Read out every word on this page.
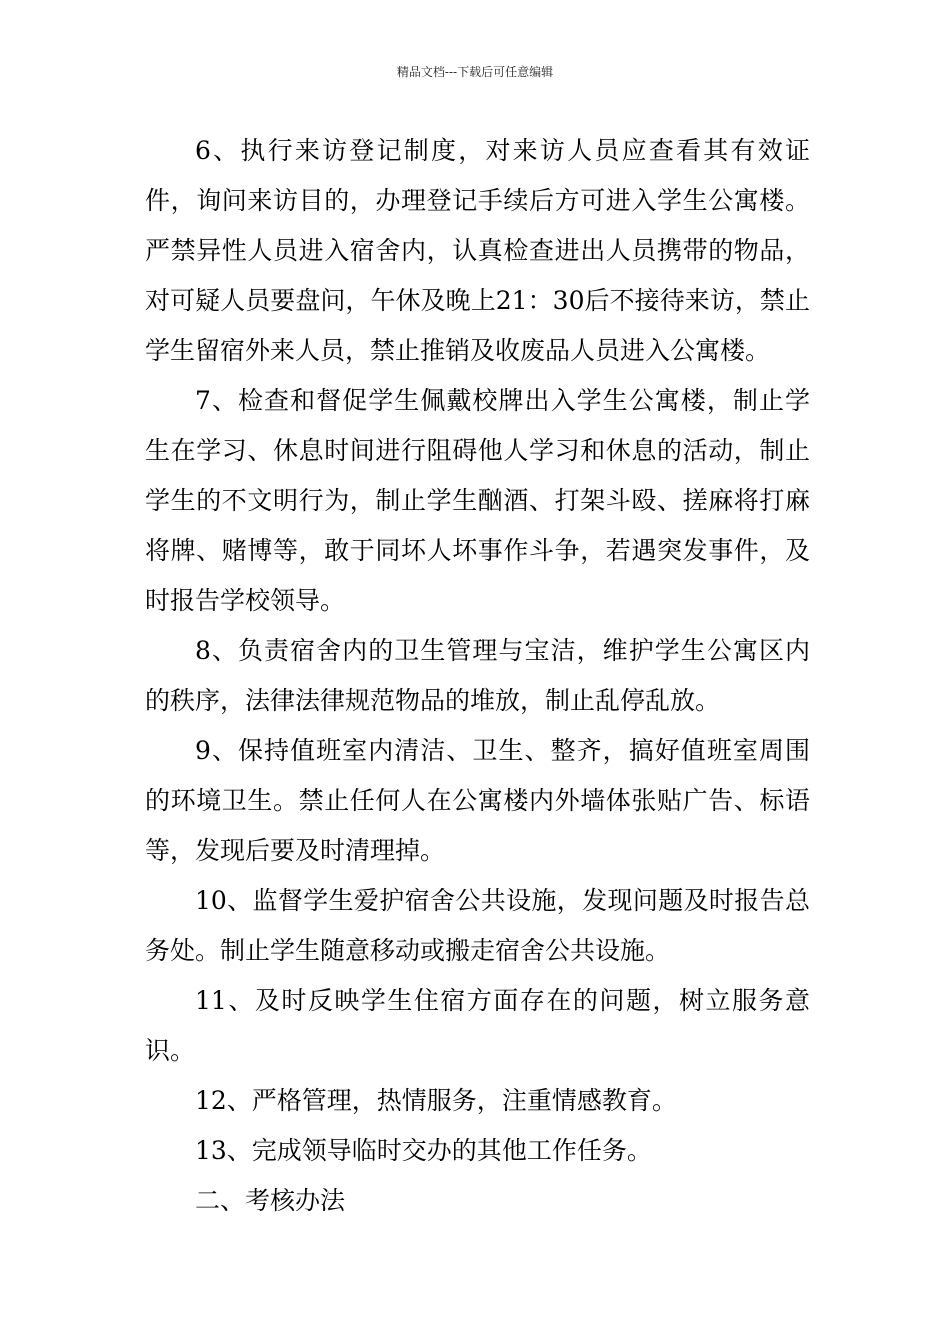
精品文档---下载后可任意编辑

6、执行来访登记制度，对来访人员应查看其有效证件，询问来访目的，办理登记手续后方可进入学生公寓楼。严禁异性人员进入宿舍内，认真检查进出人员携带的物品，对可疑人员要盘问，午休及晚上21：30后不接待来访，禁止学生留宿外来人员，禁止推销及收废品人员进入公寓楼。

7、检查和督促学生佩戴校牌出入学生公寓楼，制止学生在学习、休息时间进行阻碍他人学习和休息的活动，制止学生的不文明行为，制止学生酗酒、打架斗殴、搓麻将打麻将牌、赌博等，敢于同坏人坏事作斗争，若遇突发事件，及时报告学校领导。

8、负责宿舍内的卫生管理与宝洁，维护学生公寓区内的秩序，法律法律规范物品的堆放，制止乱停乱放。

9、保持值班室内清洁、卫生、整齐，搞好值班室周围的环境卫生。禁止任何人在公寓楼内外墙体张贴广告、标语等，发现后要及时清理掉。

10、监督学生爱护宿舍公共设施，发现问题及时报告总务处。制止学生随意移动或搬走宿舍公共设施。

11、及时反映学生住宿方面存在的问题，树立服务意识。

12、严格管理，热情服务，注重情感教育。

13、完成领导临时交办的其他工作任务。

二、考核办法
